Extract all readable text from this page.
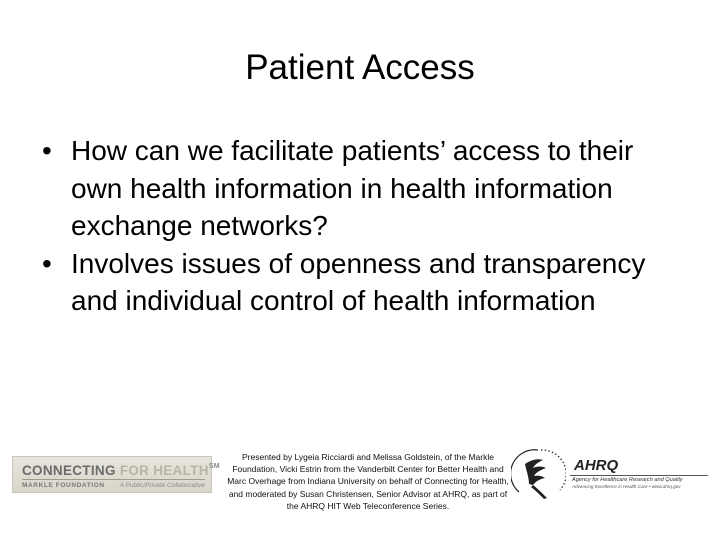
Patient Access
• How can we facilitate patients’ access to their own health information in health information exchange networks?
• Involves issues of openness and transparency and individual control of health information
CONNECTING FOR HEALTH℠
MARKLE FOUNDATION A Public/Private Collaborative
Presented by Lygeia Ricciardi and Melissa Goldstein, of the Markle Foundation, Vicki Estrin from the Vanderbilt Center for Better Health and Marc Overhage from Indiana University on behalf of Connecting for Health, and moderated by Susan Christensen, Senior Advisor at AHRQ, as part of the AHRQ HIT Web Teleconference Series.
AHRQ
Agency for Healthcare Research and Quality
Advancing Excellence in Health Care • www.ahrq.gov
